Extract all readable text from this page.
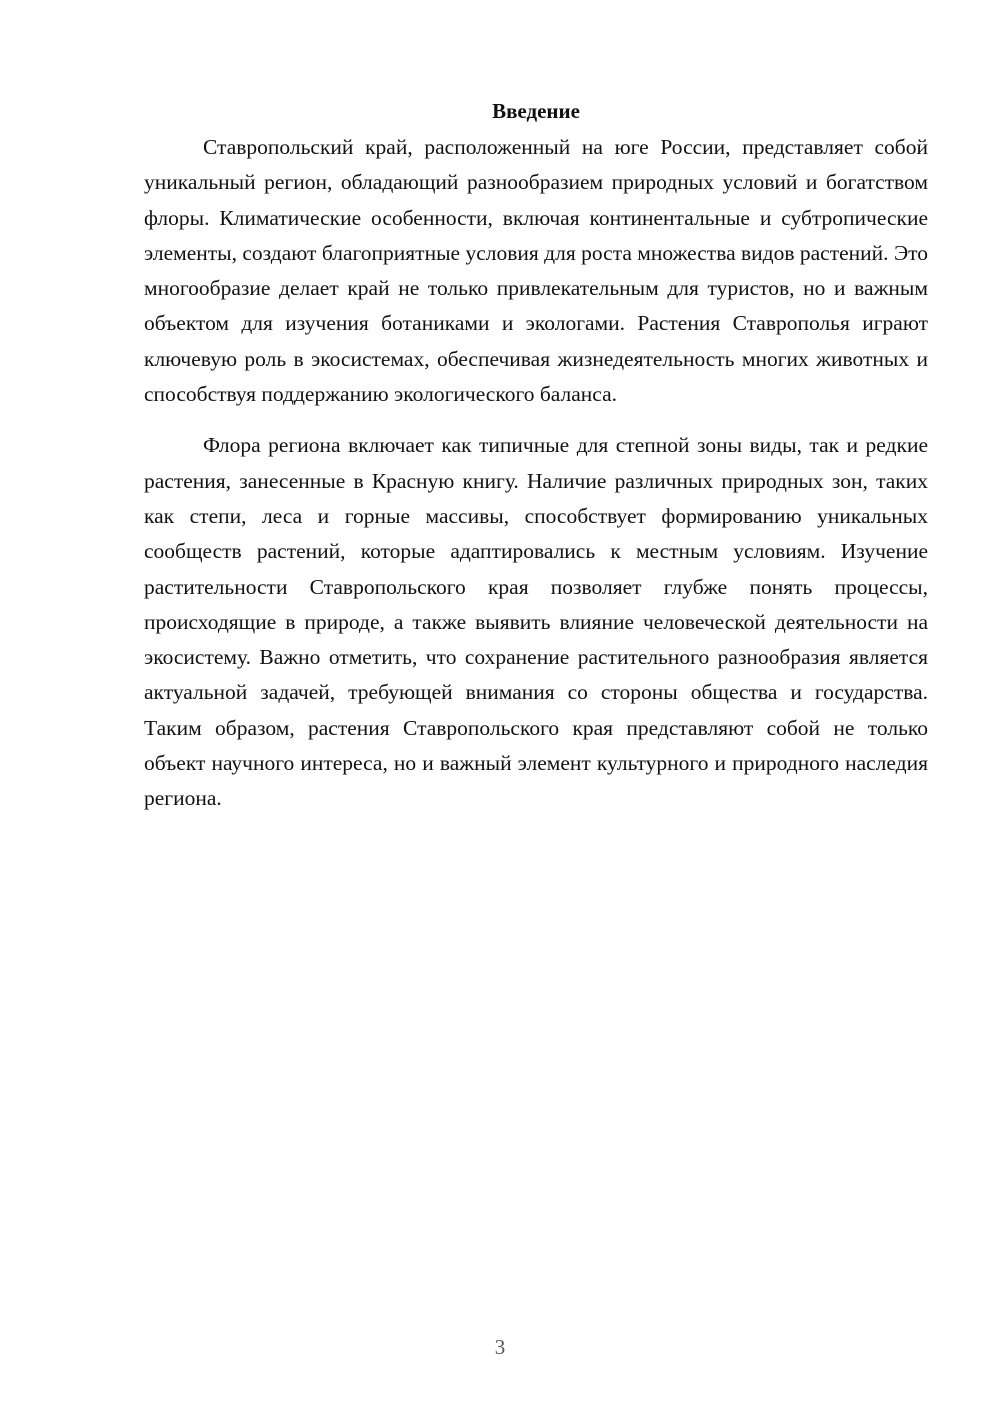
Введение

Ставропольский край, расположенный на юге России, представляет собой уникальный регион, обладающий разнообразием природных условий и богатством флоры. Климатические особенности, включая континентальные и субтропические элементы, создают благоприятные условия для роста множества видов растений. Это многообразие делает край не только привлекательным для туристов, но и важным объектом для изучения ботаниками и экологами. Растения Ставрополья играют ключевую роль в экосистемах, обеспечивая жизнедеятельность многих животных и способствуя поддержанию экологического баланса.

Флора региона включает как типичные для степной зоны виды, так и редкие растения, занесенные в Красную книгу. Наличие различных природных зон, таких как степи, леса и горные массивы, способствует формированию уникальных сообществ растений, которые адаптировались к местным условиям. Изучение растительности Ставропольского края позволяет глубже понять процессы, происходящие в природе, а также выявить влияние человеческой деятельности на экосистему. Важно отметить, что сохранение растительного разнообразия является актуальной задачей, требующей внимания со стороны общества и государства. Таким образом, растения Ставропольского края представляют собой не только объект научного интереса, но и важный элемент культурного и природного наследия региона.

3
